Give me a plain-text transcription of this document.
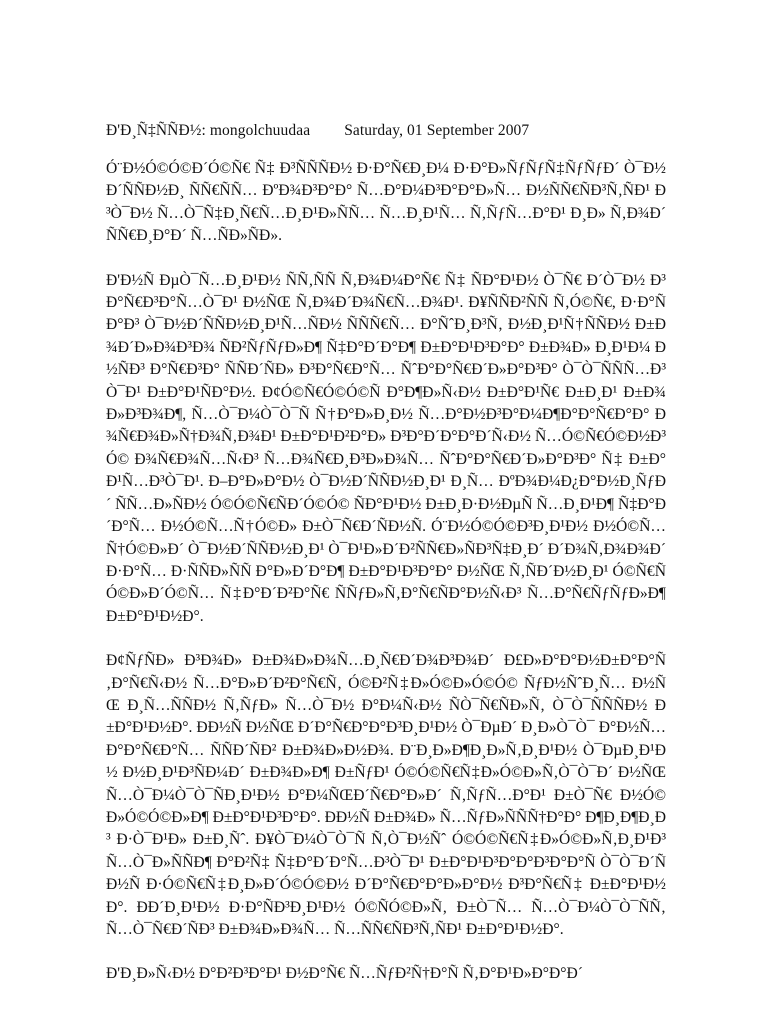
Ð'Ð¸Ñ‡ÑÑÐ½: mongolchuudaa Saturday, 01 September 2007

Ó¨Ð½Ó©Ó©Ð´Ó©Ñ€ Ñ‡ Ð³ÑÑÑÐ½ Ð·Ð°Ñ€Ð¸Ð¼ Ð·Ð°Ð»ÑƒÑƒÑ‡ÑƒÑƒÐ´ Ò¯Ð½Ð´ÑÑÐ½Ð¸ ÑÑ€ÑÑ… ÐºÐ¾Ð³Ð°Ð° Ñ…Ð°Ð¼Ð³Ð°Ð°Ð»Ñ… Ð½ÑÑ€ÑÐ³Ñ‚ÑÐ¹ Ð³Ò¯Ð½ Ñ…Ò¯Ñ‡Ð¸Ñ€Ñ…Ð¸Ð¹Ð»ÑÑ… Ñ…Ð¸Ð¹Ñ… Ñ‚ÑƒÑ…Ð°Ð¹ Ð¸Ð» Ñ‚Ð¾Ð´ ÑÑ€Ð¸Ð°Ð´ Ñ…ÑÐ»ÑÐ».

Ð'Ð½Ñ ÐµÒ¯Ñ…Ð¸Ð¹Ð½ ÑÑ‚ÑÑ Ñ‚Ð¾Ð¼Ð°Ñ€ Ñ‡ ÑÐ°Ð¹Ð½ Ò¯Ñ€ Ð´Ò¯Ð½ Ð³Ð°Ñ€Ð³Ð°Ñ…Ò¯Ð¹ Ð½ÑŒ Ñ‚Ð¾Ð´Ð¾Ñ€Ñ…Ð¾Ð¹. Ð¥ÑÑÐ²ÑÑ Ñ‚Ó©Ñ€, Ð·Ð°ÑÐ°Ð³ Ò¯Ð½Ð´ÑÑÐ½Ð¸Ð¹Ñ…ÑÐ½ ÑÑÑ€Ñ… Ð°ÑˆÐ¸Ð³Ñ‚ Ð½Ð¸Ð¹Ñ†ÑÑÐ½ Ð±Ð¾Ð´Ð»Ð¾Ð³Ð¾ ÑÐ²ÑƒÑƒÐ»Ð¶ Ñ‡Ð°Ð´Ð°Ð¶ Ð±Ð°Ð¹Ð³Ð°Ð° Ð±Ð¾Ð» Ð¸Ð¹Ð¼ Ð½ÑÐ³ Ð°Ñ€Ð³Ð° ÑÑÐ´ÑÐ» Ð³Ð°Ñ€Ð°Ñ… ÑˆÐ°Ð°Ñ€Ð´Ð»Ð°Ð³Ð° Ò¯Ò¯ÑÑÑ…Ð³Ò¯Ð¹ Ð±Ð°Ð¹ÑÐ°Ð½. Ð¢Ó©Ñ€Ó©Ó©Ñ Ð°Ð¶Ð»Ñ‹Ð½ Ð±Ð°Ð¹Ñ€ Ð±Ð¸Ð¹ Ð±Ð¾Ð»Ð³Ð¾Ð¶, Ñ…Ò¯Ð¼Ò¯Ò¯Ñ Ñ†Ð°Ð»Ð¸Ð½ Ñ…Ð°Ð½Ð³Ð°Ð¼Ð¶Ð°Ð°Ñ€Ð°Ð° Ð¾Ñ€Ð¾Ð»Ñ†Ð¾Ñ‚Ð¾Ð¹ Ð±Ð°Ð¹Ð²Ð°Ð» Ð³Ð°Ð´Ð°Ð°Ð´Ñ‹Ð½ Ñ…Ó©Ñ€Ó©Ð½Ð³Ó© Ð¾Ñ€Ð¾Ñ…Ñ‹Ð³ Ñ…Ð¾Ñ€Ð¸Ð³Ð»Ð¾Ñ… ÑˆÐ°Ð°Ñ€Ð´Ð»Ð°Ð³Ð° Ñ‡ Ð±Ð°Ð¹Ñ…Ð³Ò¯Ð¹. Ð–Ð°Ð»Ð°Ð½ Ò¯Ð½Ð´ÑÑÐ½Ð¸Ð¹ Ð¸Ñ… ÐºÐ¾Ð¼Ð¿Ð°Ð½Ð¸ÑƒÐ´ ÑÑ…Ð»ÑÐ½ Ó©Ó©Ñ€ÑÐ´Ó©Ó© ÑÐ°Ð¹Ð½ Ð±Ð¸Ð·Ð½ÐµÑ Ñ…Ð¸Ð¹Ð¶ Ñ‡Ð°Ð´Ð°Ñ… Ð½Ó©Ñ…Ñ†Ó©Ð» Ð±Ò¯Ñ€Ð´ÑÐ½Ñ. Ó¨Ð½Ó©Ó©Ð³Ð¸Ð¹Ð½ Ð½Ó©Ñ…Ñ†Ó©Ð»Ð´ Ò¯Ð½Ð´ÑÑÐ½Ð¸Ð¹ Ò¯Ð¹Ð»Ð´Ð²ÑÑ€Ð»ÑÐ³Ñ‡Ð¸Ð´ Ð´Ð¾Ñ‚Ð¾Ð¾Ð´ Ð·Ð°Ñ… Ð·ÑÑÐ»ÑÑ Ð°Ð»Ð´Ð°Ð¶ Ð±Ð°Ð¹Ð³Ð°Ð° Ð½ÑŒ Ñ‚ÑÐ´Ð½Ð¸Ð¹ Ó©Ñ€ÑÓ©Ð»Ð´Ó©Ñ… Ñ‡Ð°Ð´Ð²Ð°Ñ€ ÑÑƒÐ»Ñ‚Ð°Ñ€ÑÐ°Ð½Ñ‹Ð³ Ñ…Ð°Ñ€ÑƒÑƒÐ»Ð¶ Ð±Ð°Ð¹Ð½Ð°.

Ð¢ÑƒÑÐ» Ð³Ð¾Ð» Ð±Ð¾Ð»Ð¾Ñ…Ð¸Ñ€Ð´Ð¾Ð³Ð¾Ð´ Ð£Ð»Ð°Ð°Ð½Ð±Ð°Ð°Ñ‚Ð°Ñ€Ñ‹Ð½ Ñ…Ð°Ð»Ð´Ð²Ð°Ñ€Ñ‚ Ó©Ð²Ñ‡Ð»Ó©Ð»Ó©Ó© ÑƒÐ½ÑˆÐ¸Ñ… Ð½ÑŒ Ð¸Ñ…ÑÑÐ½ Ñ‚ÑƒÐ» Ñ…Ò¯Ð½ Ð°Ð¼Ñ‹Ð½ ÑÒ¯Ñ€ÑÐ»Ñ‚ Ò¯Ò¯ÑÑÑÐ½ Ð±Ð°Ð¹Ð½Ð°. ÐÐ½Ñ Ð½ÑŒ Ð´Ð°Ñ€Ð°Ð°Ð³Ð¸Ð¹Ð½ Ò¯ÐµÐ´ Ð¸Ð»Ò¯Ò¯ Ð°Ð½Ñ…Ð°Ð°Ñ€Ð°Ñ… ÑÑÐ´ÑÐ² Ð±Ð¾Ð»Ð½Ð¾. Ð¨Ð¸Ð»Ð¶Ð¸Ð»Ñ‚Ð¸Ð¹Ð½ Ò¯ÐµÐ¸Ð¹Ð½ Ð½Ð¸Ð¹Ð³ÑÐ¼Ð´ Ð±Ð¾Ð»Ð¶ Ð±ÑƒÐ¹ Ó©Ó©Ñ€Ñ‡Ð»Ó©Ð»Ñ‚Ò¯Ò¯Ð´ Ð½ÑŒ Ñ…Ò¯Ð¼Ò¯Ò¯ÑÐ¸Ð¹Ð½ Ð°Ð¼ÑŒÐ´Ñ€Ð°Ð»Ð´ Ñ‚ÑƒÑ…Ð°Ð¹ Ð±Ò¯Ñ€ Ð½Ó©Ð»Ó©Ó©Ð»Ð¶ Ð±Ð°Ð¹Ð³Ð°Ð°. ÐÐ½Ñ Ð±Ð¾Ð» Ñ…ÑƒÐ»ÑÑÑ†Ð°Ð° Ð¶Ð¸Ð¶Ð¸Ð³ Ð·Ò¯Ð¹Ð» Ð±Ð¸Ñˆ. Ð¥Ò¯Ð¼Ò¯Ò¯Ñ Ñ‚Ò¯Ð½Ñˆ Ó©Ó©Ñ€Ñ‡Ð»Ó©Ð»Ñ‚Ð¸Ð¹Ð³ Ñ…Ò¯Ð»ÑÑÐ¶ Ð°Ð²Ñ‡ Ñ‡Ð°Ð´Ð°Ñ…Ð³Ò¯Ð¹ Ð±Ð°Ð¹Ð³Ð°Ð°Ð³Ð°Ð°Ñ Ò¯Ò¯Ð´ÑÐ½Ñ Ð·Ó©Ñ€Ñ‡Ð¸Ð»Ð´Ó©Ó©Ð½ Ð´Ð°Ñ€Ð°Ð°Ð»Ð°Ð½ Ð³Ð°Ñ€Ñ‡ Ð±Ð°Ð¹Ð½Ð°. ÐÐ´Ð¸Ð¹Ð½ Ð·Ð°ÑÐ³Ð¸Ð¹Ð½ Ó©ÑÓ©Ð»Ñ‚ Ð±Ò¯Ñ… Ñ…Ò¯Ð¼Ò¯Ò¯ÑÑ‚ Ñ…Ò¯Ñ€Ð´ÑÐ³ Ð±Ð¾Ð»Ð¾Ñ… Ñ…ÑÑ€ÑÐ³Ñ‚ÑÐ¹ Ð±Ð°Ð¹Ð½Ð°.

Ð'Ð¸Ð»Ñ‹Ð½ Ð°Ð²Ð³Ð°Ð¹ Ð½Ð°Ñ€ Ñ…ÑƒÐ²Ñ†Ð°Ñ Ñ‚Ð°Ð¹Ð»Ð°Ð°Ð´
